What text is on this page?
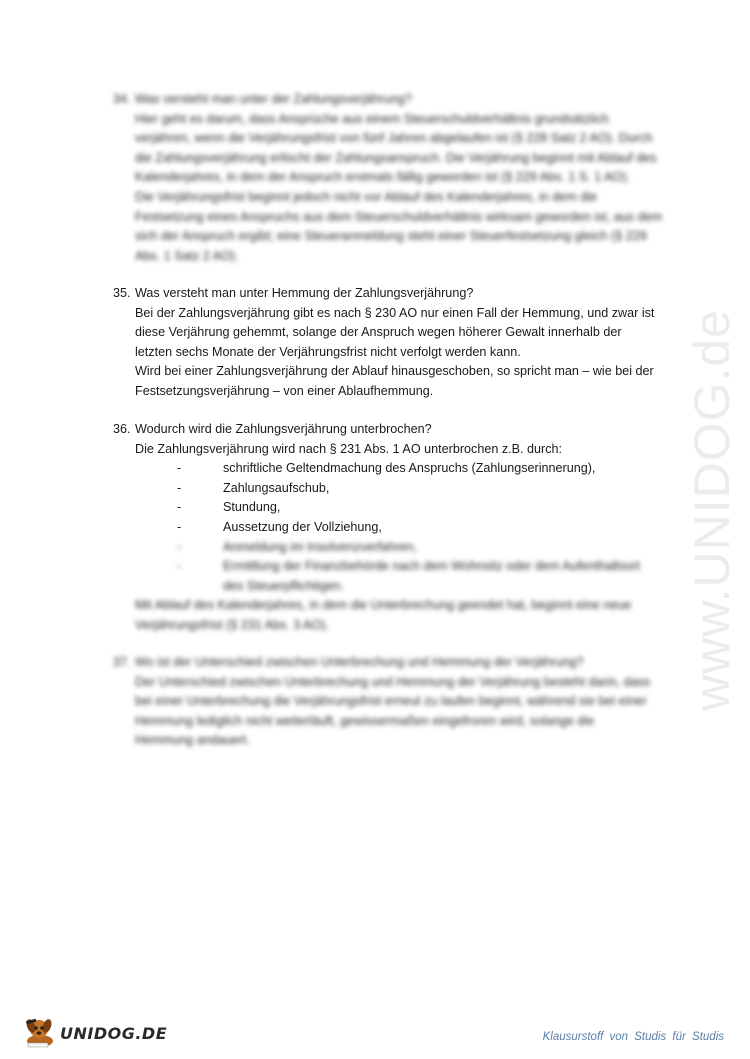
34. Was versteht man unter der Zahlungsverjährung?
Hier geht es darum, dass Ansprüche aus einem Steuerschuldverhältnis grundsätzlich
verjähren, wenn die Verjährungsfrist von fünf Jahren abgelaufen ist (§ 228 Satz 2 AO). Durch
die Zahlungsverjährung erlischt der Zahlungsanspruch. Die Verjährung beginnt mit Ablauf des
Kalenderjahres, in dem der Anspruch erstmals fällig geworden ist (§ 229 Abs. 1 S. 1 AO).
Die Verjährungsfrist beginnt jedoch nicht vor Ablauf des Kalenderjahres, in dem die
Festsetzung eines Anspruchs aus dem Steuerschuldverhältnis wirksam geworden ist, aus dem
sich der Anspruch ergibt; eine Steueranmeldung steht einer Steuerfestsetzung gleich (§ 229
Abs. 1 Satz 2 AO).
35. Was versteht man unter Hemmung der Zahlungsverjährung?
Bei der Zahlungsverjährung gibt es nach § 230 AO nur einen Fall der Hemmung, und zwar ist
diese Verjährung gehemmt, solange der Anspruch wegen höherer Gewalt innerhalb der
letzten sechs Monate der Verjährungsfrist nicht verfolgt werden kann.
Wird bei einer Zahlungsverjährung der Ablauf hinausgeschoben, so spricht man – wie bei der
Festsetzungsverjährung – von einer Ablaufhemmung.
36. Wodurch wird die Zahlungsverjährung unterbrochen?
Die Zahlungsverjährung wird nach § 231 Abs. 1 AO unterbrochen z.B. durch:
-	schriftliche Geltendmachung des Anspruchs (Zahlungserinnerung),
-	Zahlungsaufschub,
-	Stundung,
-	Aussetzung der Vollziehung,
-	Anmeldung im Insolvenzverfahren,
-	Ermittlung der Finanzbehörde nach dem Wohnsitz oder dem Aufenthaltsort
des Steuerpflichtigen.
Mit Ablauf des Kalenderjahres, in dem die Unterbrechung geendet hat, beginnt eine neue
Verjährungsfrist (§ 231 Abs. 3 AO).
37. Wo ist der Unterschied zwischen Unterbrechung und Hemmung der Verjährung?
Der Unterschied zwischen Unterbrechung und Hemmung der Verjährung besteht darin, dass
bei einer Unterbrechung die Verjährungsfrist erneut zu laufen beginnt, während sie bei einer
Hemmung lediglich nicht weiterläuft, gewissermaßen eingefroren wird, solange die
Hemmung andauert.
www.UNIDOG.de
UNIDOG.DE	Klausurstoff von Studis für Studis
